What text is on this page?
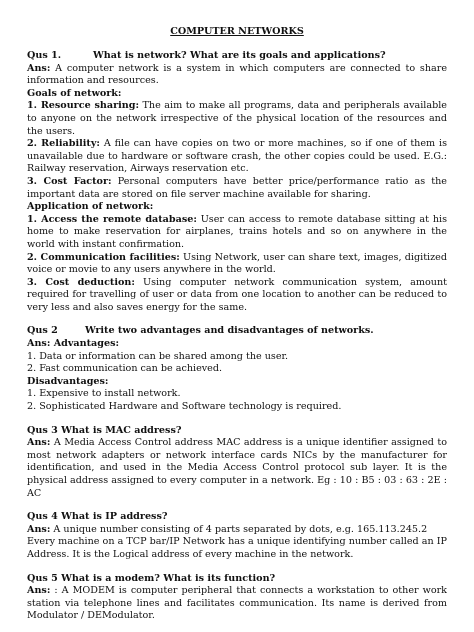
COMPUTER NETWORKS

Qus 1.	What is network? What are its goals and applications?

Ans: A computer network is a system in which computers are connected to share information and resources.

Goals of network:

1. Resource sharing: The aim to make all programs, data and peripherals available to anyone on the network irrespective of the physical location of the resources and the users.

2. Reliability: A file can have copies on two or more machines, so if one of them is unavailable due to hardware or software crash, the other copies could be used. E.G.: Railway reservation, Airways reservation etc.

3. Cost Factor: Personal computers have better price/performance ratio as the important data are stored on file server machine available for sharing.

Application of network:

1. Access the remote database: User can access to remote database sitting at his home to make reservation for airplanes, trains hotels and so on anywhere in the world with instant confirmation.

2. Communication facilities: Using Network, user can share text, images, digitized voice or movie to any users anywhere in the world.

3. Cost deduction: Using computer network communication system, amount required for travelling of user or data from one location to another can be reduced to very less and also saves energy for the same.

Qus 2	Write two advantages and disadvantages of networks.

Ans: Advantages:

1. Data or information can be shared among the user.

2. Fast communication can be achieved.

Disadvantages:

1. Expensive to install network.

2. Sophisticated Hardware and Software technology is required.

Qus 3 What is MAC address?

Ans: A Media Access Control address MAC address is a unique identifier assigned to most network adapters or network interface cards NICs by the manufacturer for identification, and used in the Media Access Control protocol sub layer. It is the physical address assigned to every computer in a network. Eg : 10 : B5 : 03 : 63 : 2E : AC

Qus 4 What is IP address?

Ans: A unique number consisting of 4 parts separated by dots, e.g. 165.113.245.2

Every machine on a TCP bar/IP Network has a unique identifying number called an IP Address. It is the Logical address of every machine in the network.

Qus 5 What is a modem? What is its function?

Ans: : A MODEM is computer peripheral that connects a workstation to other work station via telephone lines and facilitates communication. Its name is derived from Modulator / DEModulator.
